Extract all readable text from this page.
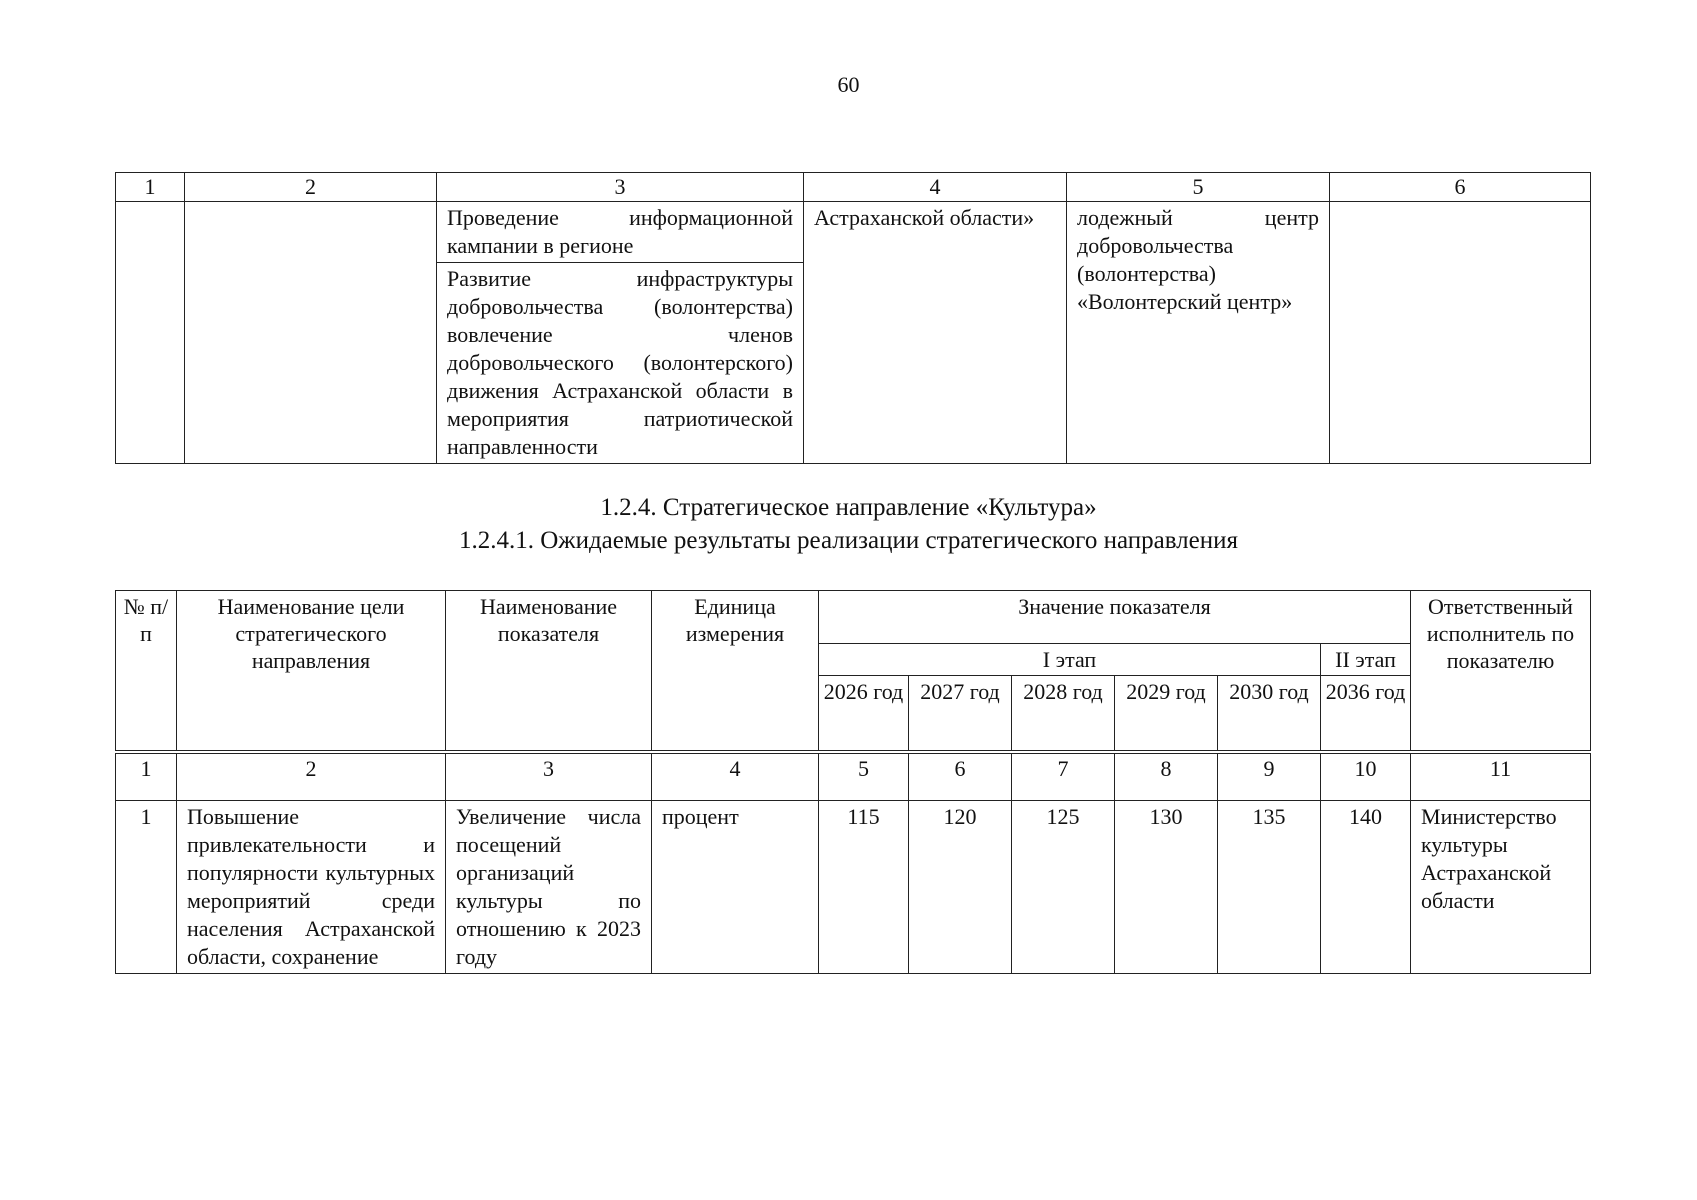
60
1	2	3	4	5	6
		Проведение информационной кампании в регионе	Астраханской области»	лодежный центр добровольчества (волонтерства) «Волонтерский центр»	
		Развитие инфраструктуры добровольчества (волонтерства) вовлечение членов добровольческого (волонтерского) движения Астраханской области в мероприятия патриотической направленности			
1.2.4. Стратегическое направление «Культура»
1.2.4.1. Ожидаемые результаты реализации стратегического направления
№ п/п	Наименование цели стратегического направления	Наименование показателя	Единица измерения	Значение показателя						Ответственный исполнитель по показателю
				I этап					II этап	
				2026 год	2027 год	2028 год	2029 год	2030 год	2036 год	
1	2	3	4	5	6	7	8	9	10	11
1	Повышение привлекательности и популярности культурных мероприятий среди населения Астраханской области, сохранение	Увеличение числа посещений организаций культуры по отношению к 2023 году	процент	115	120	125	130	135	140	Министерство культуры Астраханской области
